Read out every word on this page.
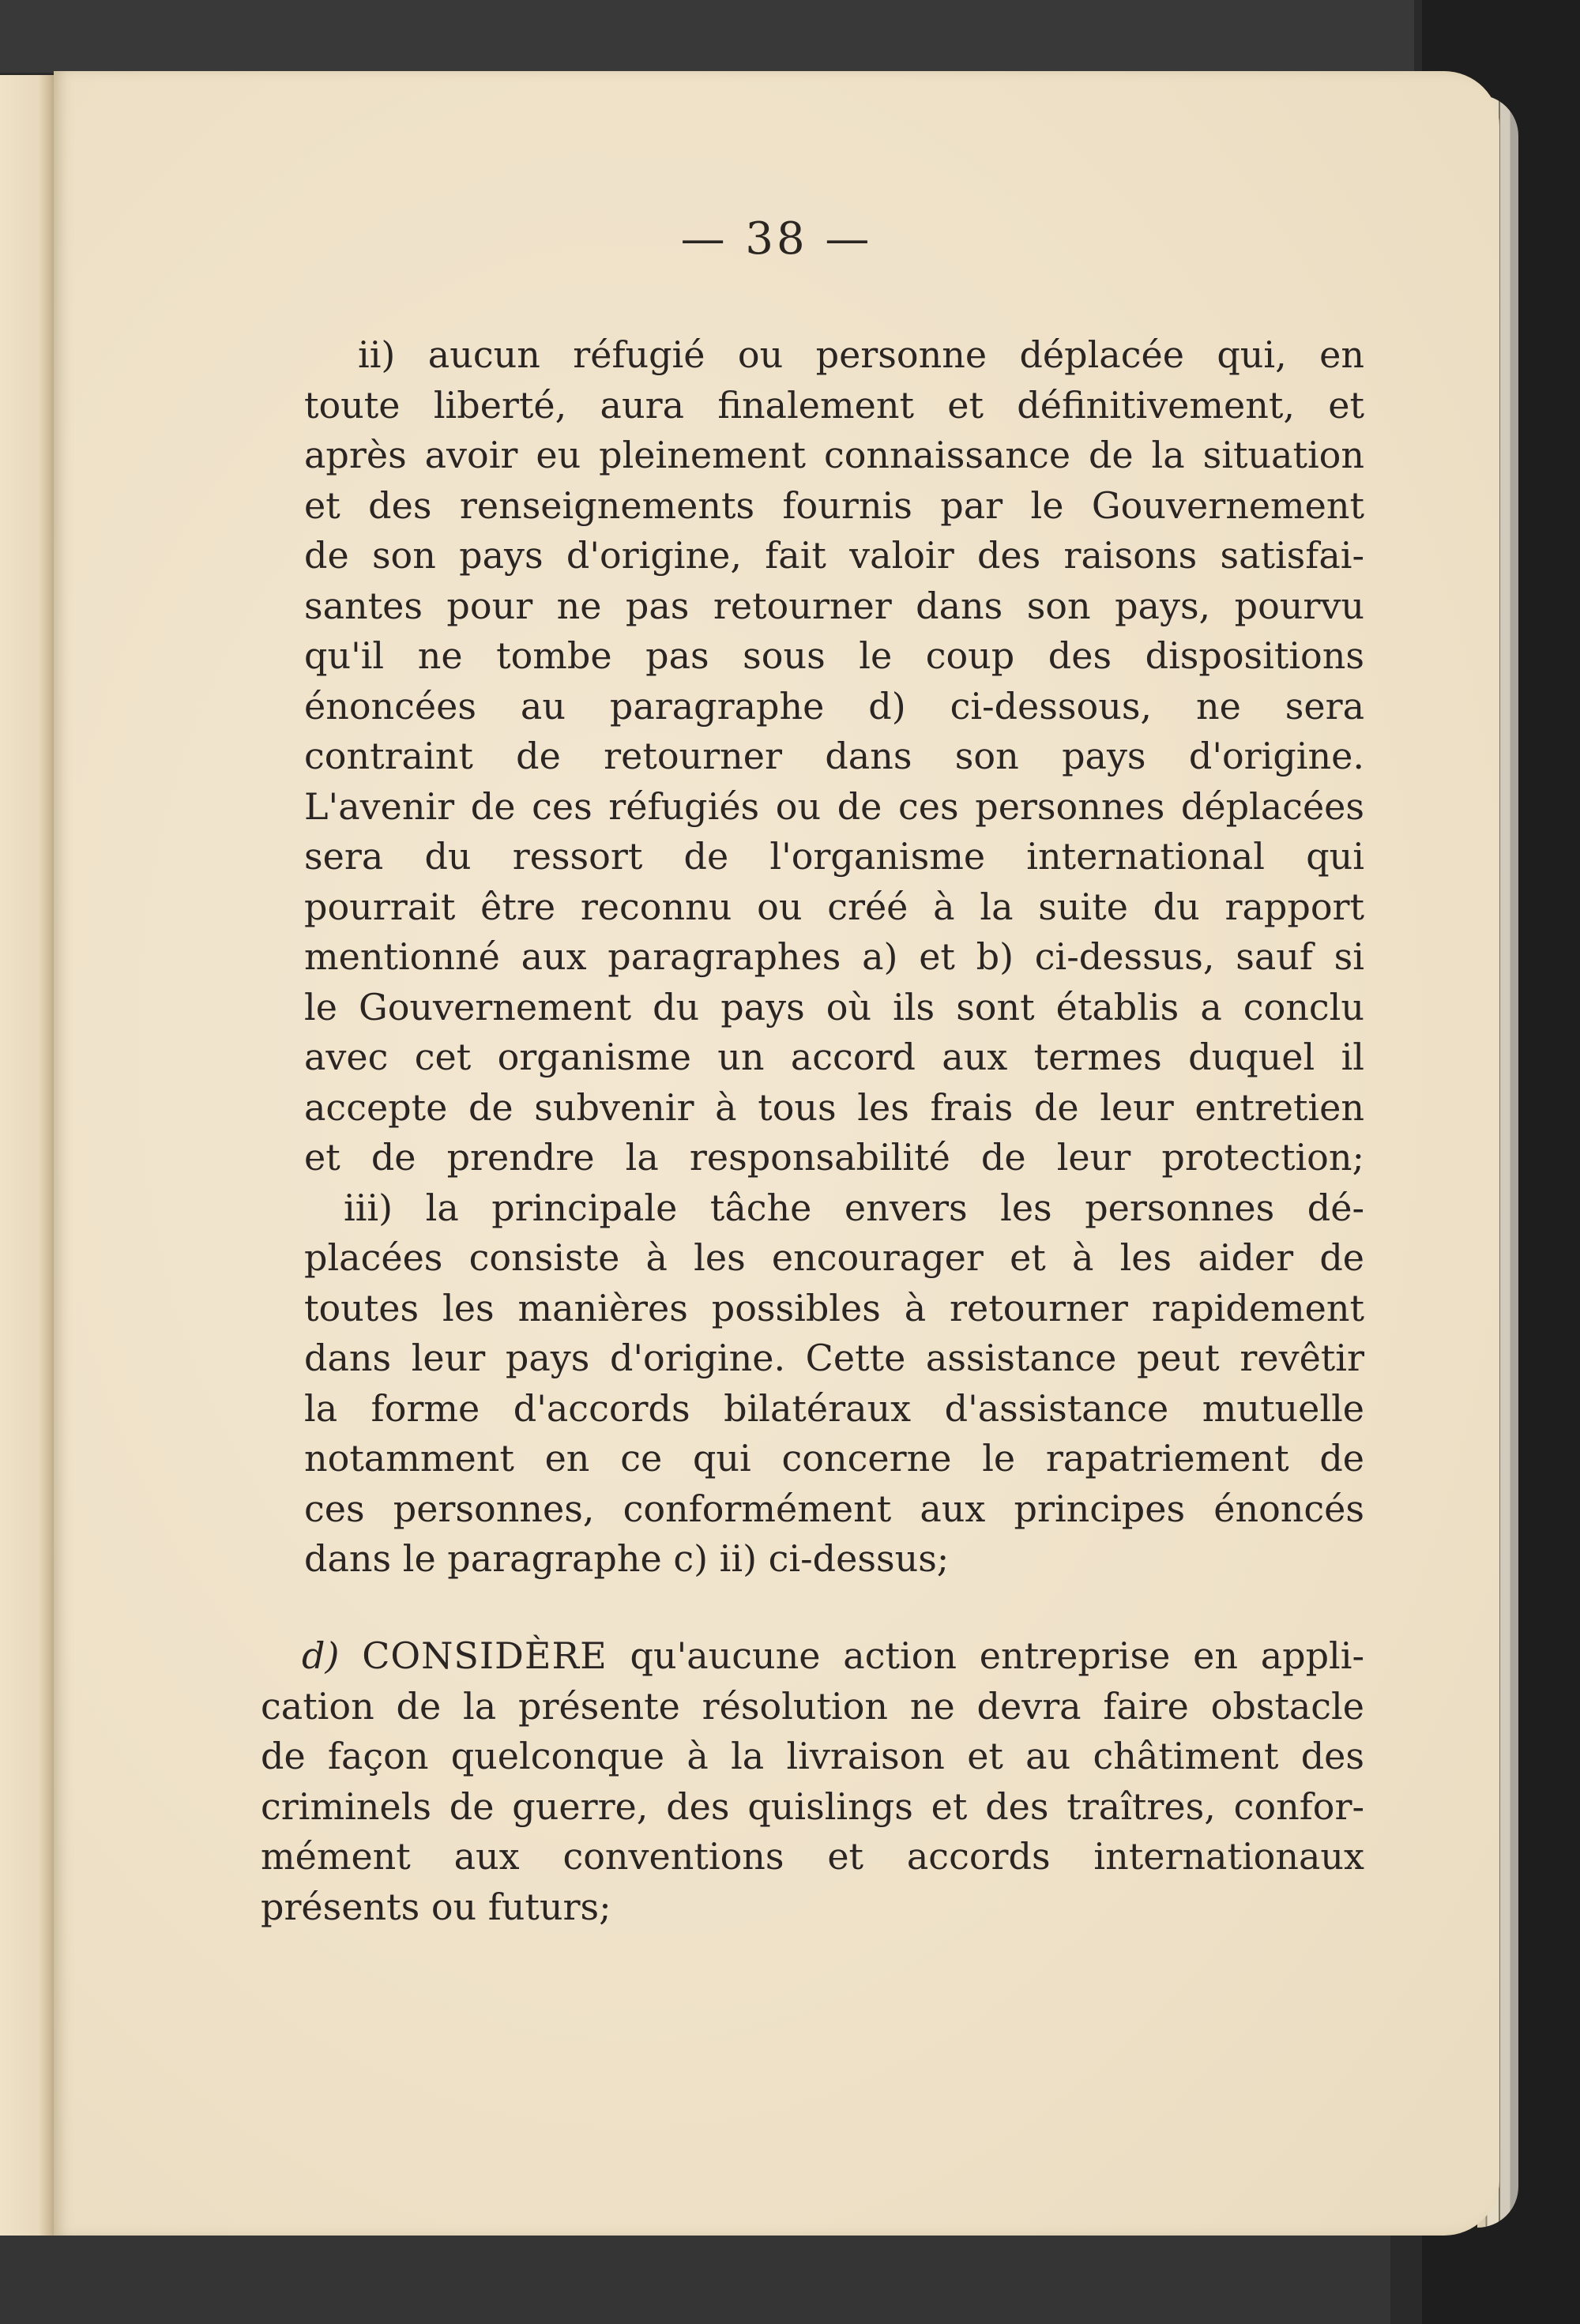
— 38 —
ii) aucun réfugié ou personne déplacée qui, en
toute liberté, aura finalement et définitivement, et
après avoir eu pleinement connaissance de la situation
et des renseignements fournis par le Gouvernement
de son pays d'origine, fait valoir des raisons satisfai-
santes pour ne pas retourner dans son pays, pourvu
qu'il ne tombe pas sous le coup des dispositions
énoncées au paragraphe d) ci-dessous, ne sera
contraint de retourner dans son pays d'origine.
L'avenir de ces réfugiés ou de ces personnes déplacées
sera du ressort de l'organisme international qui
pourrait être reconnu ou créé à la suite du rapport
mentionné aux paragraphes a) et b) ci-dessus, sauf si
le Gouvernement du pays où ils sont établis a conclu
avec cet organisme un accord aux termes duquel il
accepte de subvenir à tous les frais de leur entretien
et de prendre la responsabilité de leur protection;
iii) la principale tâche envers les personnes dé-
placées consiste à les encourager et à les aider de
toutes les manières possibles à retourner rapidement
dans leur pays d'origine. Cette assistance peut revêtir
la forme d'accords bilatéraux d'assistance mutuelle
notamment en ce qui concerne le rapatriement de
ces personnes, conformément aux principes énoncés
dans le paragraphe c) ii) ci-dessus;
d) CONSIDÈRE qu'aucune action entreprise en appli-
cation de la présente résolution ne devra faire obstacle
de façon quelconque à la livraison et au châtiment des
criminels de guerre, des quislings et des traîtres, confor-
mément aux conventions et accords internationaux
présents ou futurs;
